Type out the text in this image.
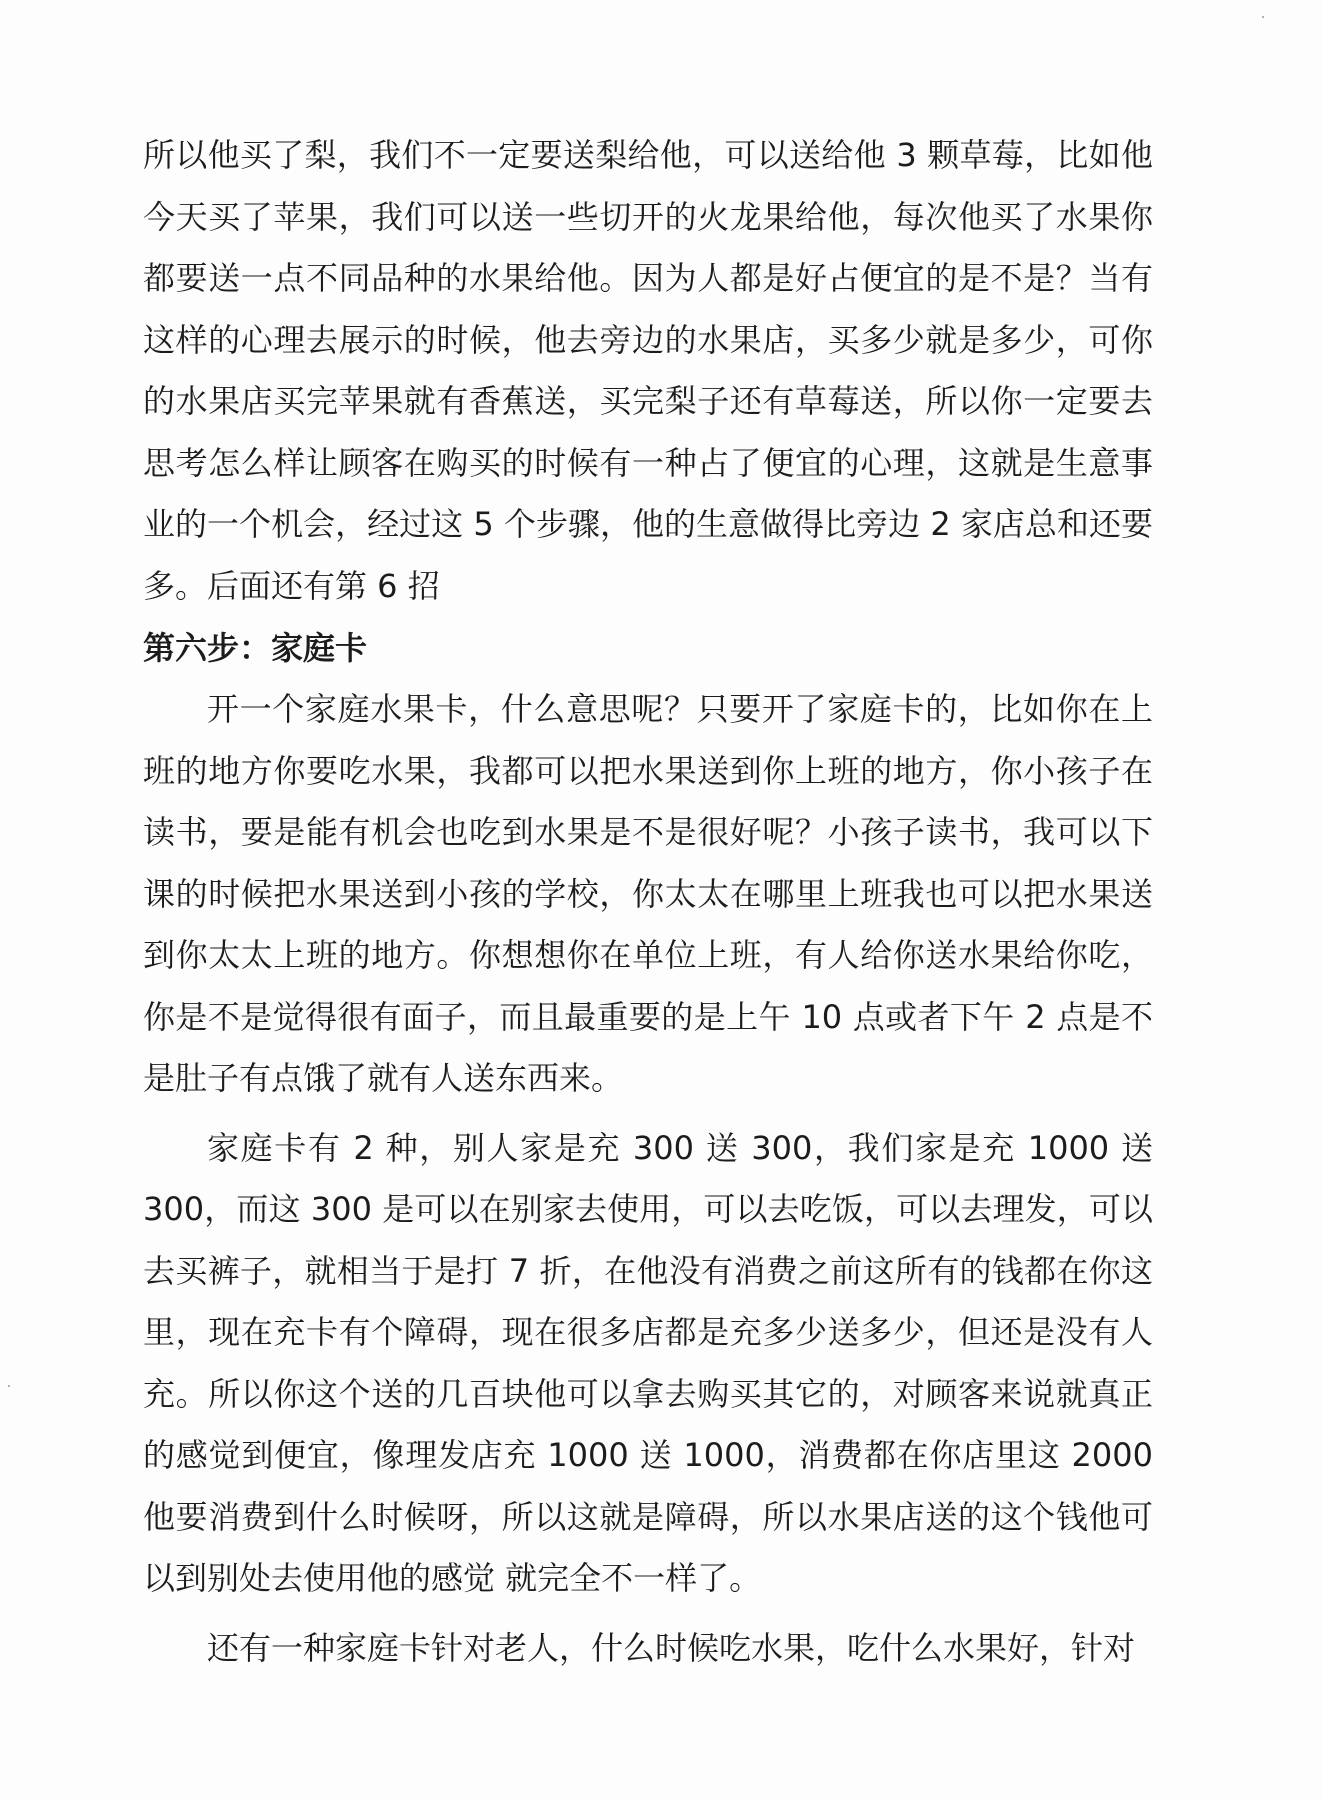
所以他买了梨，我们不一定要送梨给他，可以送给他 3 颗草莓，比如他今天买了苹果，我们可以送一些切开的火龙果给他，每次他买了水果你都要送一点不同品种的水果给他。因为人都是好占便宜的是不是？当有这样的心理去展示的时候，他去旁边的水果店，买多少就是多少，可你的水果店买完苹果就有香蕉送，买完梨子还有草莓送，所以你一定要去思考怎么样让顾客在购买的时候有一种占了便宜的心理，这就是生意事业的一个机会，经过这 5 个步骤，他的生意做得比旁边 2 家店总和还要多。后面还有第 6 招

第六步：家庭卡

开一个家庭水果卡，什么意思呢？只要开了家庭卡的，比如你在上班的地方你要吃水果，我都可以把水果送到你上班的地方，你小孩子在读书，要是能有机会也吃到水果是不是很好呢？小孩子读书，我可以下课的时候把水果送到小孩的学校，你太太在哪里上班我也可以把水果送到你太太上班的地方。你想想你在单位上班，有人给你送水果给你吃，你是不是觉得很有面子，而且最重要的是上午 10 点或者下午 2 点是不是肚子有点饿了就有人送东西来。

家庭卡有 2 种，别人家是充 300 送 300，我们家是充 1000 送 300，而这 300 是可以在别家去使用，可以去吃饭，可以去理发，可以去买裤子，就相当于是打 7 折，在他没有消费之前这所有的钱都在你这里，现在充卡有个障碍，现在很多店都是充多少送多少，但还是没有人充。所以你这个送的几百块他可以拿去购买其它的，对顾客来说就真正的感觉到便宜，像理发店充 1000 送 1000，消费都在你店里这 2000 他要消费到什么时候呀，所以这就是障碍，所以水果店送的这个钱他可以到别处去使用他的感觉 就完全不一样了。

还有一种家庭卡针对老人，什么时候吃水果，吃什么水果好，针对
